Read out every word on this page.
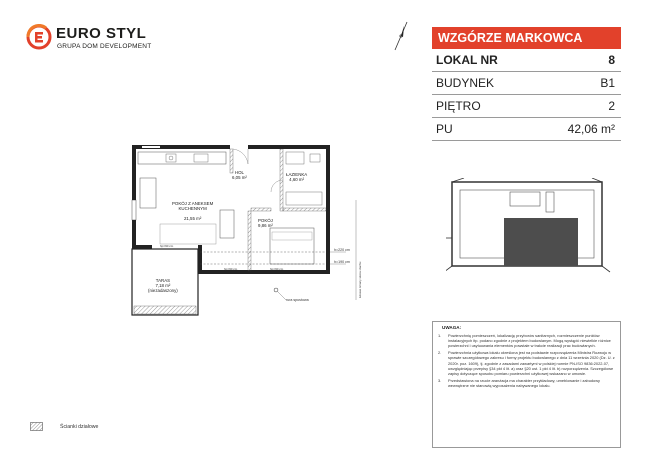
EURO STYL
GRUPA DOM DEVELOPMENT
WZGÓRZE MARKOWCA
LOKAL NR	8
BUDYNEK	B1
PIĘTRO	2
PU	42,06 m²
HOL
6,05 m²
ŁAZIENKA
4,60 m²

POKÓJ Z ANEKSEM
KUCHENNYM

21,55 m²	POKÓJ
9,86 m²
TARAS
7,18 m²
(niezadaszony)
h=220 cm
h=190 cm
rura spustowa
hp=90 cm
hp=90 cm	hp=90 cm	łukowe ściany skosu dachu
UWAGA:
1.	Powierzchnię pomieszczeń, lokalizację przyborów sanitarnych, rozmieszczenie punktów instalacyjnych itp. podano zgodnie z projektem budowlanym. Mogą wystąpić niewielkie różnice powierzchni i usytuowania elementów powstałe w trakcie realizacji prac budowlanych.
2.	Powierzchnia użytkowa lokalu określona jest na podstawie rozporządzenia Ministra Rozwoju w sprawie szczegółowego zakresu i formy projektu budowlanego z dnia 11 września 2020 (Dz. U. z 2020r. poz. 1609), tj. zgodnie z zasadami zawartymi w polskiej normie PN-ISO 9836:2022-07, uwzględniając przepisy §34 pkt 4 lit. a) oraz §20 ust. 1 pkt 4 lit. b) rozporządzenia. Szczegółowe zapisy dotyczące sposobu pomiaru powierzchni użytkowej wskazano w umowie.
3.	Przedstawiona na rzucie aranżacja ma charakter przykładowy, umeblowanie i zabudowy wewnętrzne nie stanowią wyposażenia nabywanego lokalu.
Ścianki działowe
